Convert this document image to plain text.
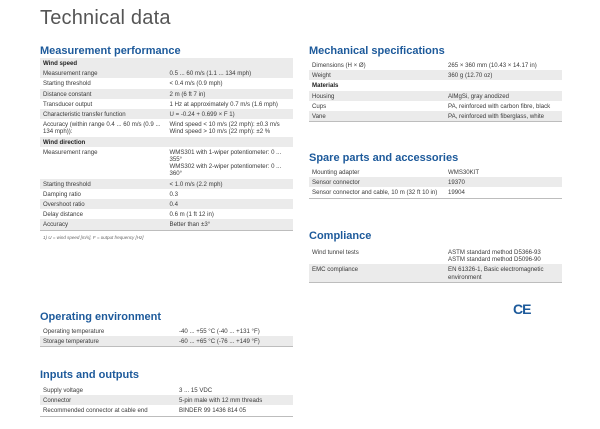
Technical data
Measurement performance
Wind speed	
Measurement range	0.5 ... 60 m/s (1.1 ... 134 mph)
Starting threshold	< 0.4 m/s (0.9 mph)
Distance constant	2 m (6 ft 7 in)
Transducer output	1 Hz at approximately 0.7 m/s (1.6 mph)
Characteristic transfer function	U = -0.24 + 0.699 × F 1)
Accuracy (within range 0.4 ... 60 m/s (0.9 ... 134 mph)):	Wind speed < 10 m/s (22 mph): ±0.3 m/s
Wind speed > 10 m/s (22 mph): ±2 %
Wind direction	
Measurement range	WMS301 with 1-wiper potentiometer: 0 ... 355°
WMS302 with 2-wiper potentiometer: 0 ... 360°
Starting threshold	< 1.0 m/s (2.2 mph)
Damping ratio	0.3
Overshoot ratio	0.4
Delay distance	0.6 m (1 ft 12 in)
Accuracy	Better than ±3°
1) U = wind speed [m/s], F = output frequency [Hz]
Operating environment
Operating temperature	-40 ... +55 °C (-40 ... +131 °F)
Storage temperature	-60 ... +65 °C (-76 ... +149 °F)
Inputs and outputs
Supply voltage	3 ... 15 VDC
Connector	5-pin male with 12 mm threads
Recommended connector at cable end	BINDER 99 1436 814 05
Mechanical specifications
Dimensions (H × Ø)	265 × 360 mm (10.43 × 14.17 in)
Weight	360 g (12.70 oz)
Materials	
Housing	AlMgSi, gray anodized
Cups	PA, reinforced with carbon fibre, black
Vane	PA, reinforced with fiberglass, white
Spare parts and accessories
Mounting adapter	WMS30KIT
Sensor connector	19370
Sensor connector and cable, 10 m (32 ft 10 in)	19904
Compliance
Wind tunnel tests	ASTM standard method D5366-93
ASTM standard method D5096-90
EMC compliance	EN 61326-1, Basic electromagnetic environment
CE
